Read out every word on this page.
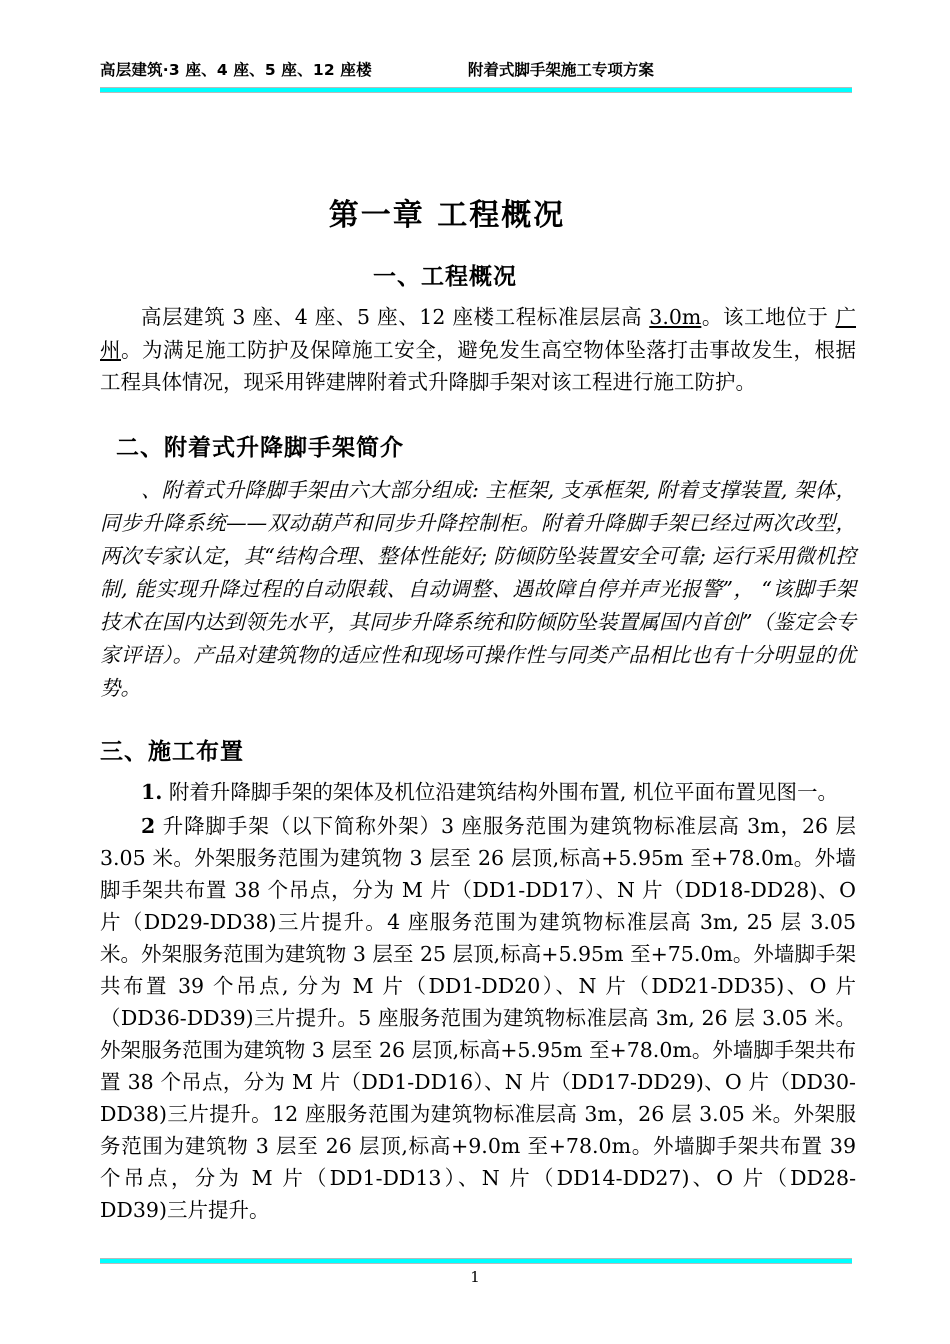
高层建筑·3 座、4 座、5 座、12 座楼	附着式脚手架施工专项方案
第一章 工程概况
一、工程概况

高层建筑 3 座、4 座、5 座、12 座楼工程标准层层高 3.0m。该工地位于 广州。为满足施工防护及保障施工安全，避免发生高空物体坠落打击事故发生，根据工程具体情况，现采用铧建牌附着式升降脚手架对该工程进行施工防护。

二、附着式升降脚手架简介

、附着式升降脚手架由六大部分组成: 主框架, 支承框架, 附着支撑装置, 架体，同步升降系统——双动葫芦和同步升降控制柜。附着升降脚手架已经过两次改型，两次专家认定，其“结构合理、整体性能好; 防倾防坠装置安全可靠; 运行采用微机控制, 能实现升降过程的自动限载、自动调整、遇故障自停并声光报警”， “该脚手架技术在国内达到领先水平，其同步升降系统和防倾防坠装置属国内首创”（鉴定会专家评语）。产品对建筑物的适应性和现场可操作性与同类产品相比也有十分明显的优势。

三、施工布置

1. 附着升降脚手架的架体及机位沿建筑结构外围布置, 机位平面布置见图一。

2 升降脚手架（以下简称外架）3 座服务范围为建筑物标准层高 3m，26 层 3.05 米。外架服务范围为建筑物 3 层至 26 层顶,标高+5.95m 至+78.0m。外墙脚手架共布置 38 个吊点，分为 M 片（DD1-DD17）、N 片（DD18-DD28)、O 片（DD29-DD38)三片提升。4 座服务范围为建筑物标准层高 3m, 25 层 3.05 米。外架服务范围为建筑物 3 层至 25 层顶,标高+5.95m 至+75.0m。外墙脚手架共布置 39 个吊点, 分为 M 片（DD1-DD20）、N 片（DD21-DD35)、O 片（DD36-DD39)三片提升。5 座服务范围为建筑物标准层高 3m, 26 层 3.05 米。外架服务范围为建筑物 3 层至 26 层顶,标高+5.95m 至+78.0m。外墙脚手架共布置 38 个吊点，分为 M 片（DD1-DD16）、N 片（DD17-DD29)、O 片（DD30-DD38)三片提升。12 座服务范围为建筑物标准层高 3m，26 层 3.05 米。外架服务范围为建筑物 3 层至 26 层顶,标高+9.0m 至+78.0m。外墙脚手架共布置 39 个吊点，分为 M 片（DD1-DD13）、N 片（DD14-DD27)、O 片（DD28-DD39)三片提升。

1
